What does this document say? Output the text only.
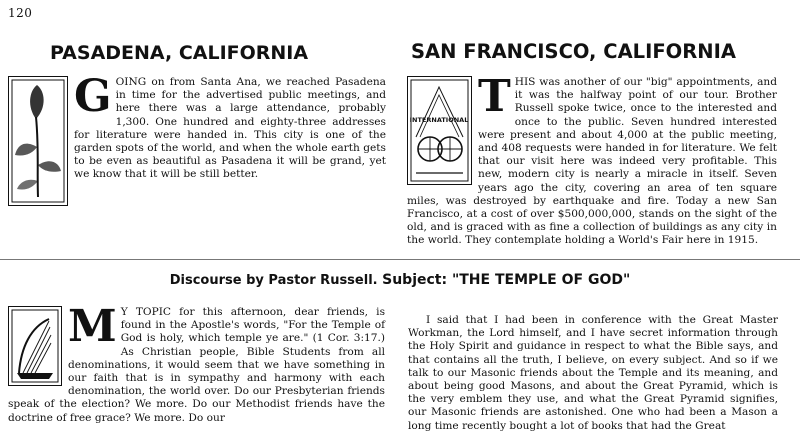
120
PASADENA, CALIFORNIA	SAN FRANCISCO, CALIFORNIA
G OING on from Santa Ana, we reached Pasadena in time for the advertised public meetings, and here there was a large attendance, probably 1,300. One hundred and eighty-three addresses for literature were handed in. This city is one of the garden spots of the world, and when the whole earth gets to be even as beautiful as Pasadena it will be grand, yet we know that it will be still better.
INTERNATIONAL T HIS was another of our "big" appointments, and it was the halfway point of our tour. Brother Russell spoke twice, once to the interested and once to the public. Seven hundred interested were present and about 4,000 at the public meeting, and 408 requests were handed in for literature. We felt that our visit here was indeed very profitable. This new, modern city is nearly a miracle in itself. Seven years ago the city, covering an area of ten square miles, was destroyed by earthquake and fire. Today a new San Francisco, at a cost of over $500,000,000, stands on the sight of the old, and is graced with as fine a collection of buildings as any city in the world. They contemplate holding a World's Fair here in 1915.
Discourse by Pastor Russell. Subject: "THE TEMPLE OF GOD"
M Y TOPIC for this afternoon, dear friends, is found in the Apostle's words, "For the Temple of God is holy, which temple ye are." (1 Cor. 3:17.) As Christian people, Bible Students from all denominations, it would seem that we have something in our faith that is in sympathy and harmony with each denomination, the world over. Do our Presbyterian friends speak of the election? We more. Do our Methodist friends have the doctrine of free grace? We more. Do our
I said that I had been in conference with the Great Master Workman, the Lord himself, and I have secret information through the Holy Spirit and guidance in respect to what the Bible says, and that contains all the truth, I believe, on every subject. And so if we talk to our Masonic friends about the Temple and its meaning, and about being good Masons, and about the Great Pyramid, which is the very emblem they use, and what the Great Pyramid signifies, our Masonic friends are astonished. One who had been a Mason a long time recently bought a lot of books that had the Great
